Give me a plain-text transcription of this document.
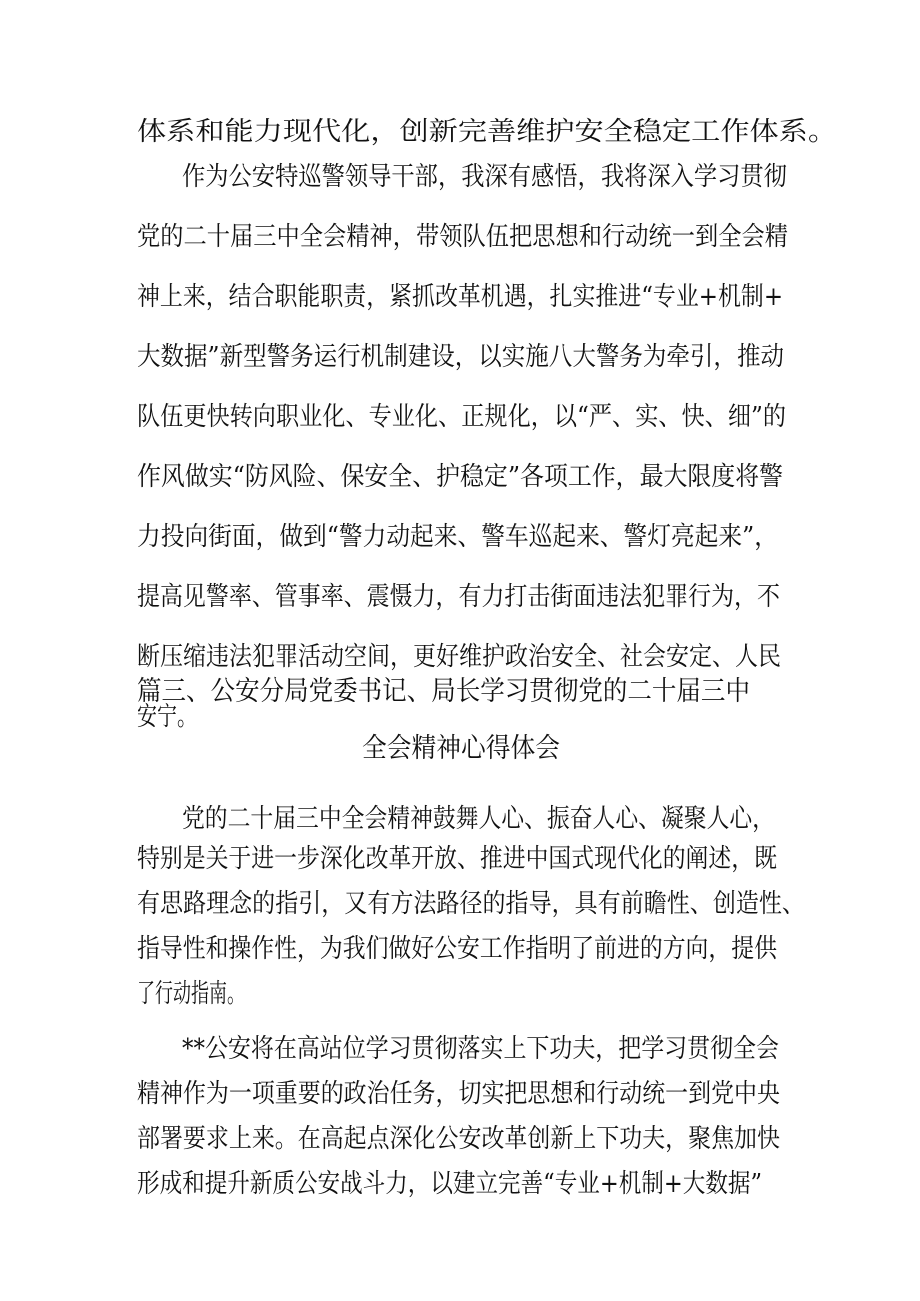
体系和能力现代化，创新完善维护安全稳定工作体系。
作为公安特巡警领导干部，我深有感悟，我将深入学习贯彻
党的二十届三中全会精神，带领队伍把思想和行动统一到全会精
神上来，结合职能职责，紧抓改革机遇，扎实推进“专业+机制+
大数据”新型警务运行机制建设，以实施八大警务为牵引，推动
队伍更快转向职业化、专业化、正规化，以“严、实、快、细”的
作风做实“防风险、保安全、护稳定”各项工作，最大限度将警
力投向街面，做到“警力动起来、警车巡起来、警灯亮起来”，
提高见警率、管事率、震慑力，有力打击街面违法犯罪行为，不
断压缩违法犯罪活动空间，更好维护政治安全、社会安定、人民
安宁。
篇三、公安分局党委书记、局长学习贯彻党的二十届三中
全会精神心得体会
党的二十届三中全会精神鼓舞人心、振奋人心、凝聚人心，
特别是关于进一步深化改革开放、推进中国式现代化的阐述，既
有思路理念的指引，又有方法路径的指导，具有前瞻性、创造性、
指导性和操作性，为我们做好公安工作指明了前进的方向，提供
了行动指南。
**公安将在高站位学习贯彻落实上下功夫，把学习贯彻全会
精神作为一项重要的政治任务，切实把思想和行动统一到党中央
部署要求上来。在高起点深化公安改革创新上下功夫，聚焦加快
形成和提升新质公安战斗力，以建立完善“专业+机制+大数据”
